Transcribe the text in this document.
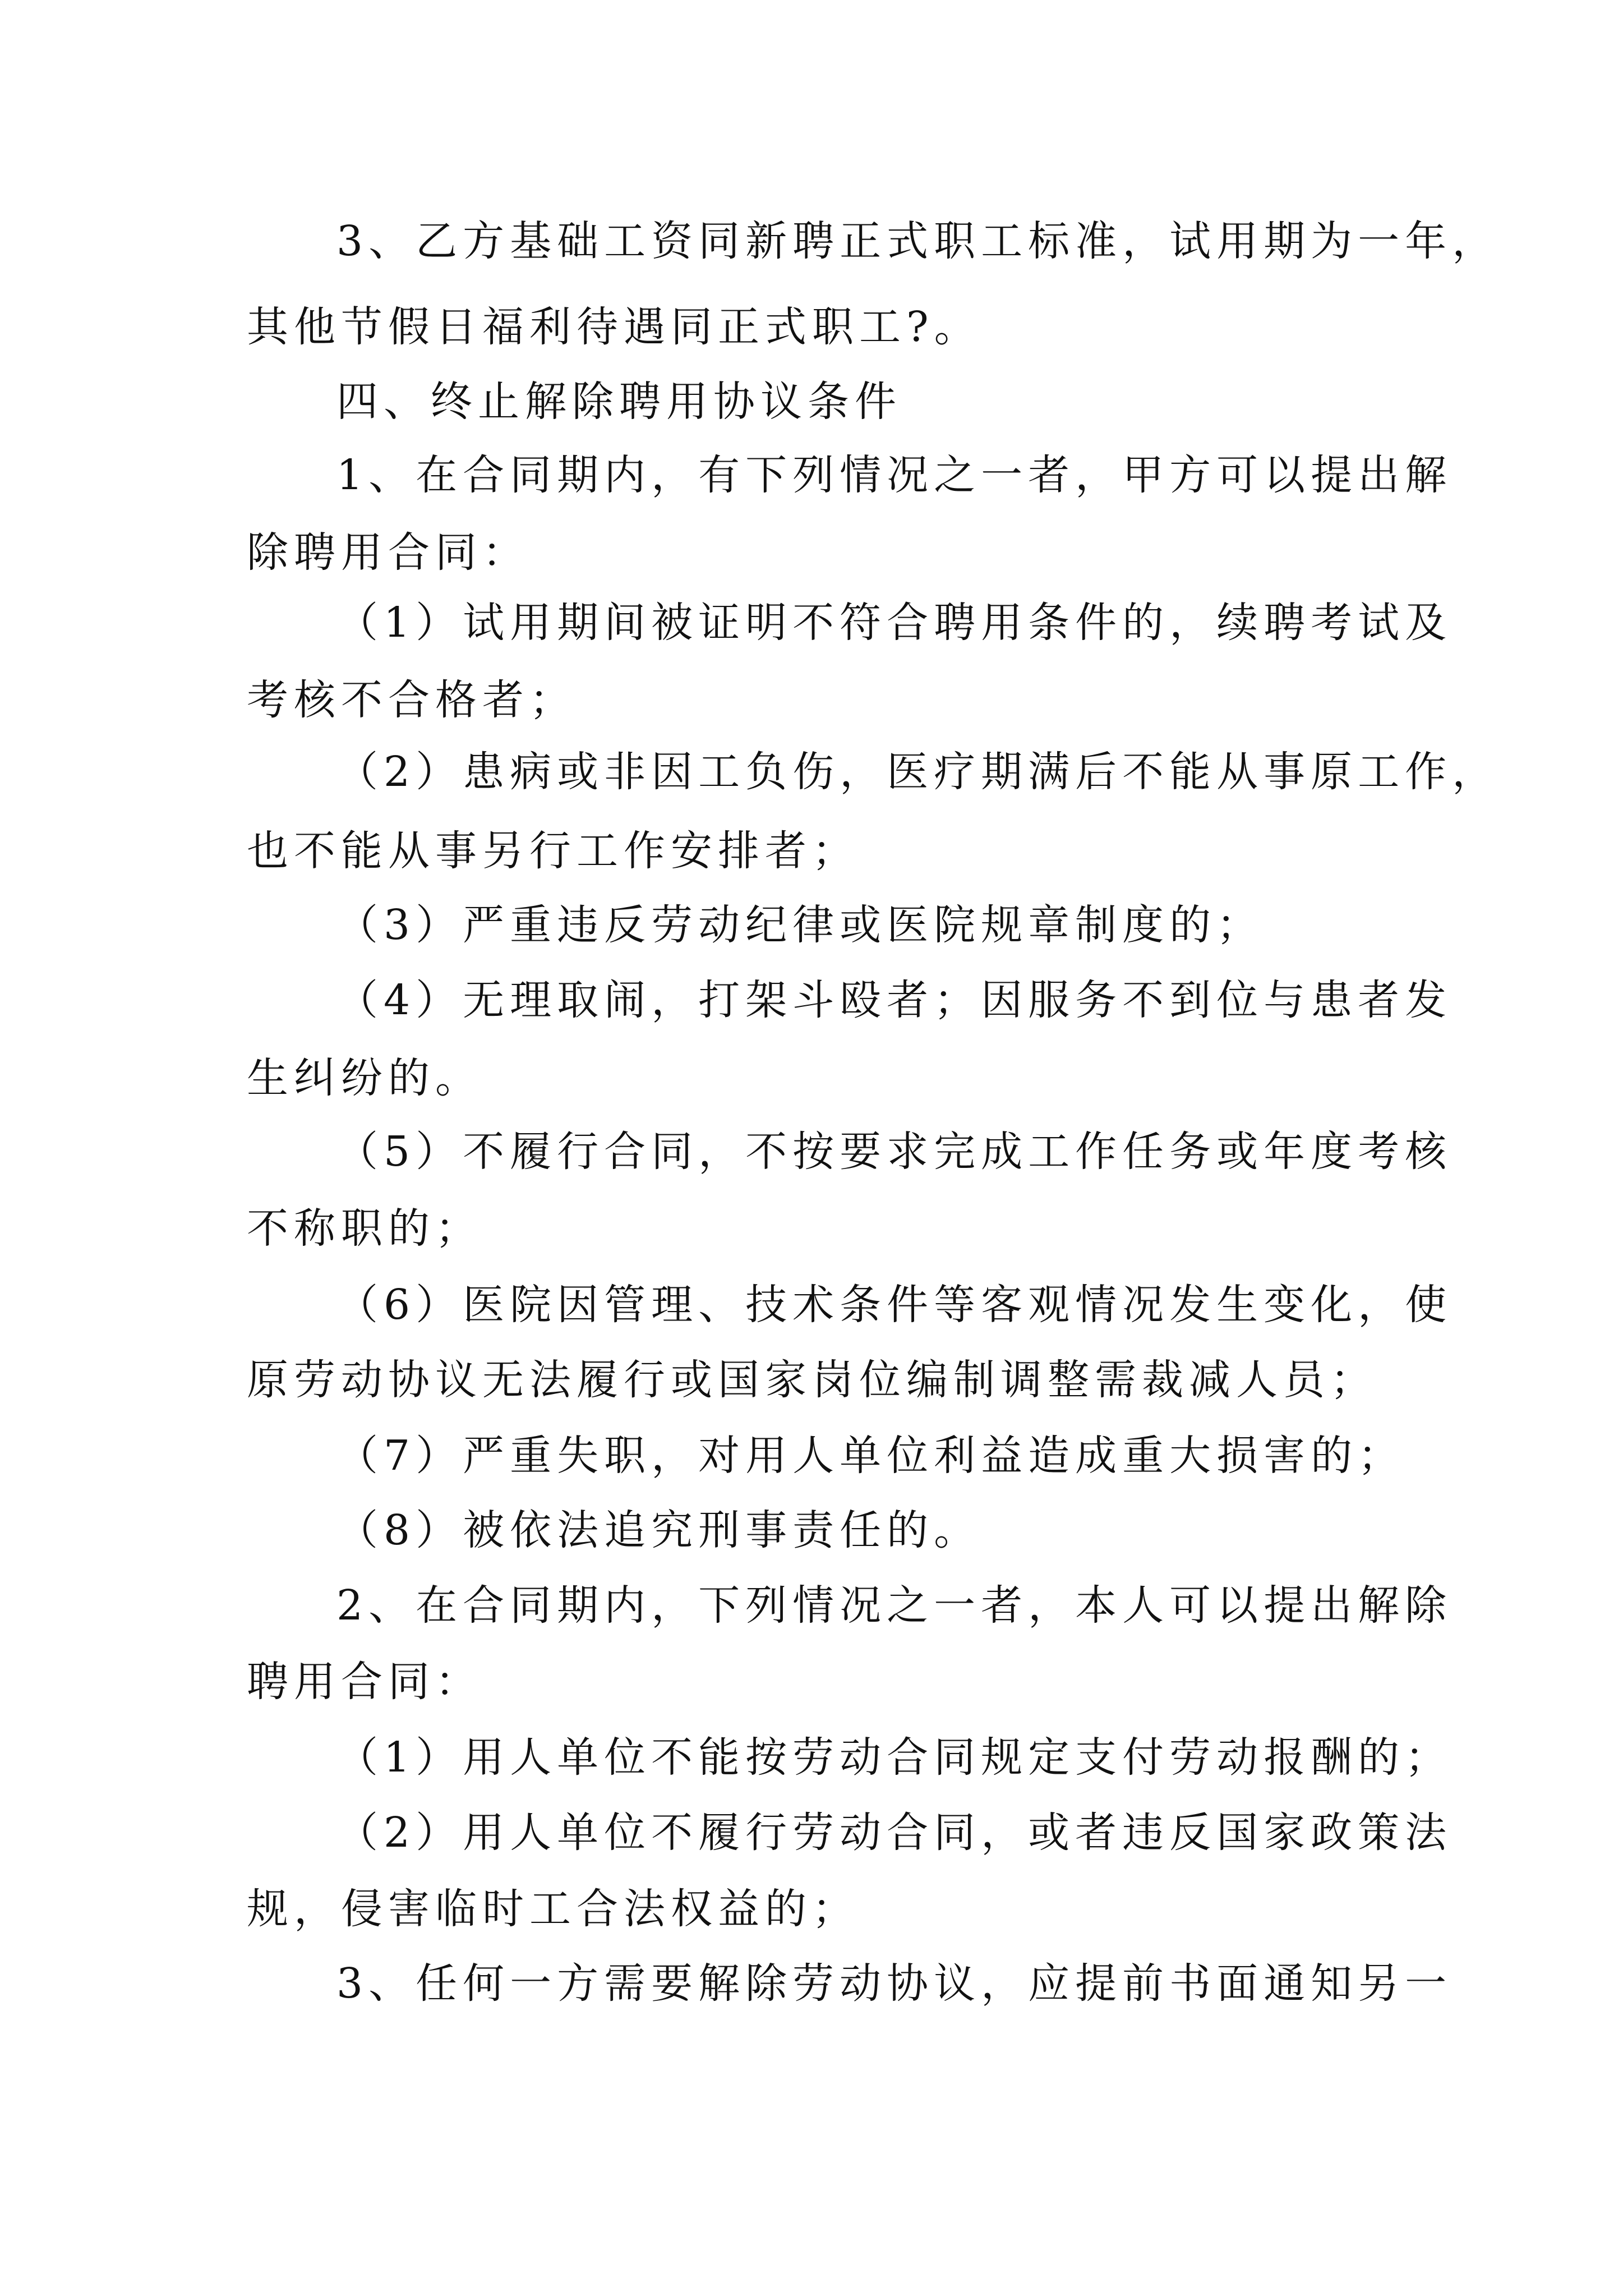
3、乙方基础工资同新聘正式职工标准，试用期为一年，
其他节假日福利待遇同正式职工?。
四、终止解除聘用协议条件
1、在合同期内，有下列情况之一者，甲方可以提出解
除聘用合同：
（1）试用期间被证明不符合聘用条件的，续聘考试及
考核不合格者；
（2）患病或非因工负伤，医疗期满后不能从事原工作，
也不能从事另行工作安排者；
（3）严重违反劳动纪律或医院规章制度的；
（4）无理取闹，打架斗殴者；因服务不到位与患者发
生纠纷的。
（5）不履行合同，不按要求完成工作任务或年度考核
不称职的；
（6）医院因管理、技术条件等客观情况发生变化，使
原劳动协议无法履行或国家岗位编制调整需裁减人员；
（7）严重失职，对用人单位利益造成重大损害的；
（8）被依法追究刑事责任的。
2、在合同期内，下列情况之一者，本人可以提出解除
聘用合同：
（1）用人单位不能按劳动合同规定支付劳动报酬的；
（2）用人单位不履行劳动合同，或者违反国家政策法
规，侵害临时工合法权益的；
3、任何一方需要解除劳动协议，应提前书面通知另一
